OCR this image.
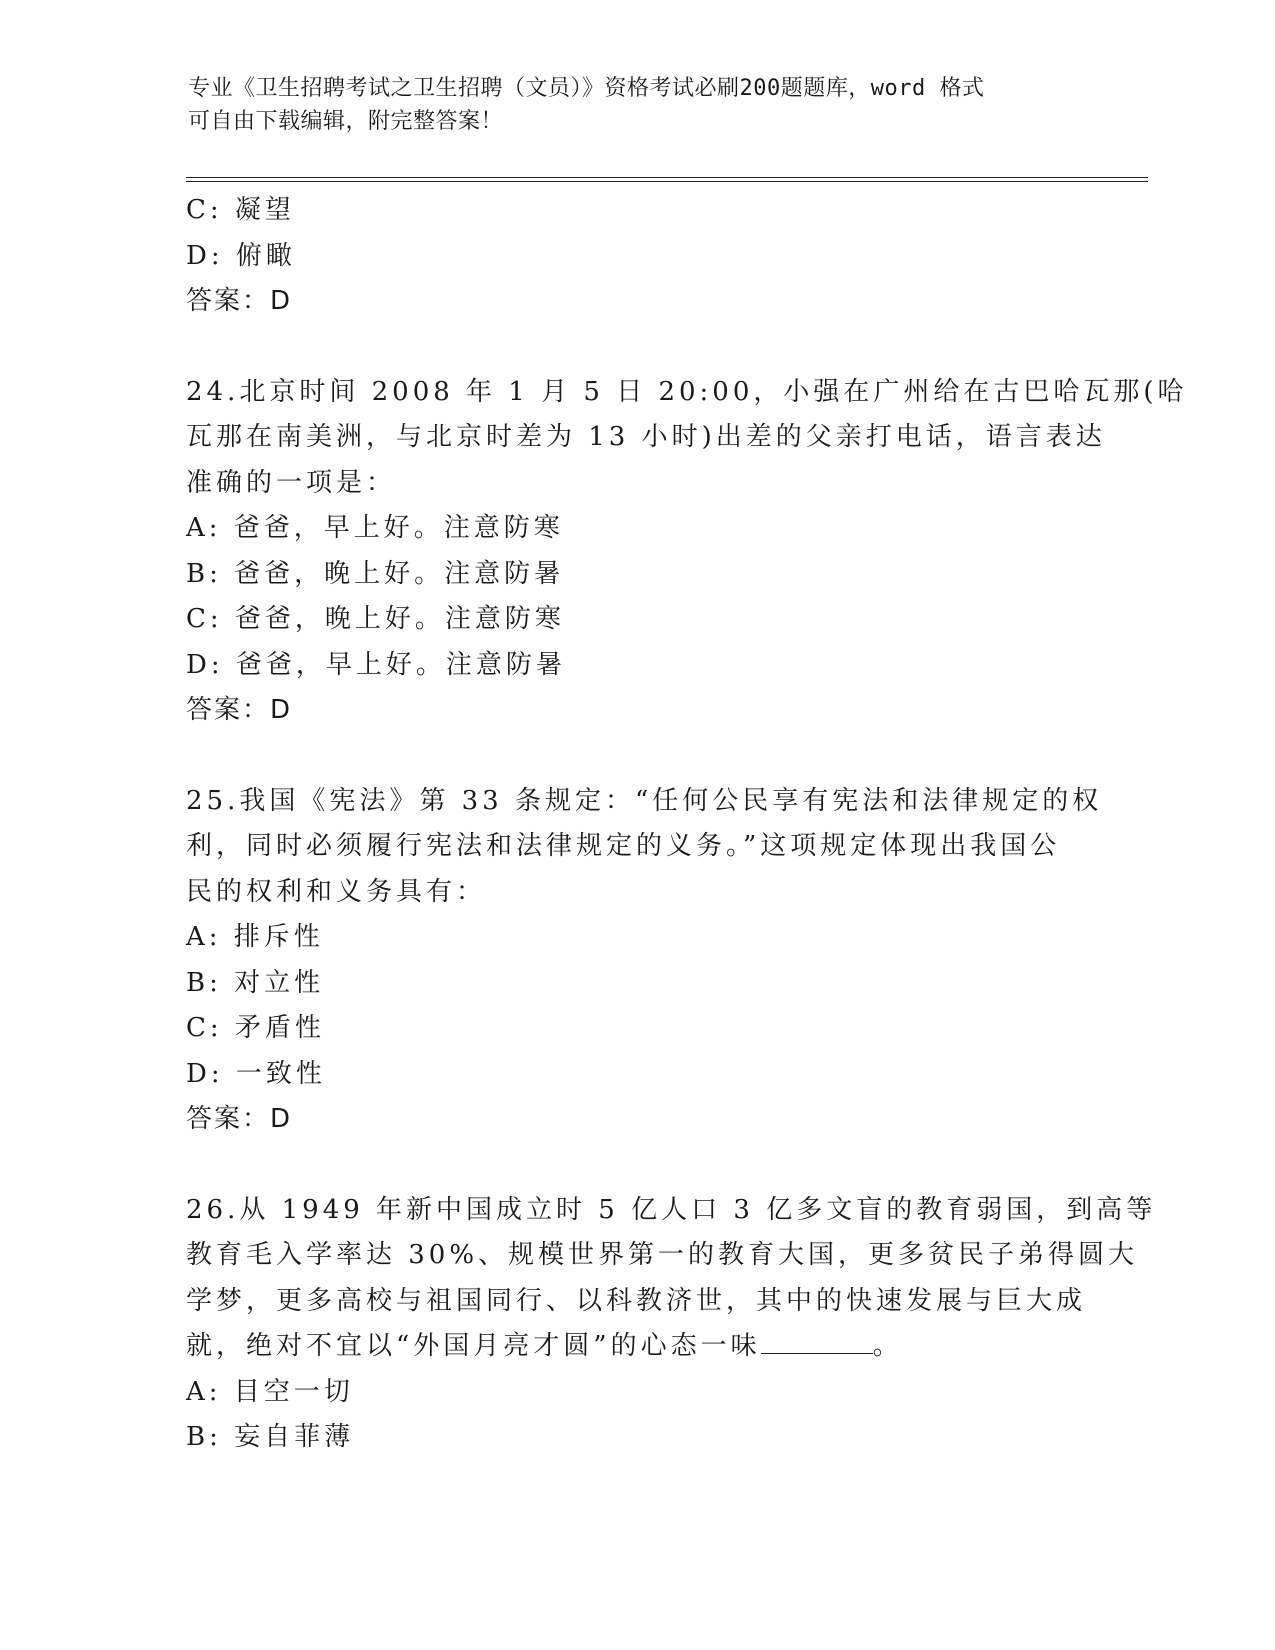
专业《卫生招聘考试之卫生招聘（文员）》资格考试必刷200题题库，word 格式
可自由下载编辑，附完整答案！
C: 凝望
D: 俯瞰
答案：D
24.北京时间 2008 年 1 月 5 日 20:00，小强在广州给在古巴哈瓦那(哈
瓦那在南美洲，与北京时差为 13 小时)出差的父亲打电话，语言表达
准确的一项是：
A: 爸爸，早上好。注意防寒
B: 爸爸，晚上好。注意防暑
C: 爸爸，晚上好。注意防寒
D: 爸爸，早上好。注意防暑
答案：D
25.我国《宪法》第 33 条规定：“任何公民享有宪法和法律规定的权
利，同时必须履行宪法和法律规定的义务。”这项规定体现出我国公
民的权利和义务具有：
A: 排斥性
B: 对立性
C: 矛盾性
D: 一致性
答案：D
26.从 1949 年新中国成立时 5 亿人口 3 亿多文盲的教育弱国，到高等
教育毛入学率达 30%、规模世界第一的教育大国，更多贫民子弟得圆大
学梦，更多高校与祖国同行、以科教济世，其中的快速发展与巨大成
就，绝对不宜以“外国月亮才圆”的心态一味	。
A: 目空一切
B: 妄自菲薄
